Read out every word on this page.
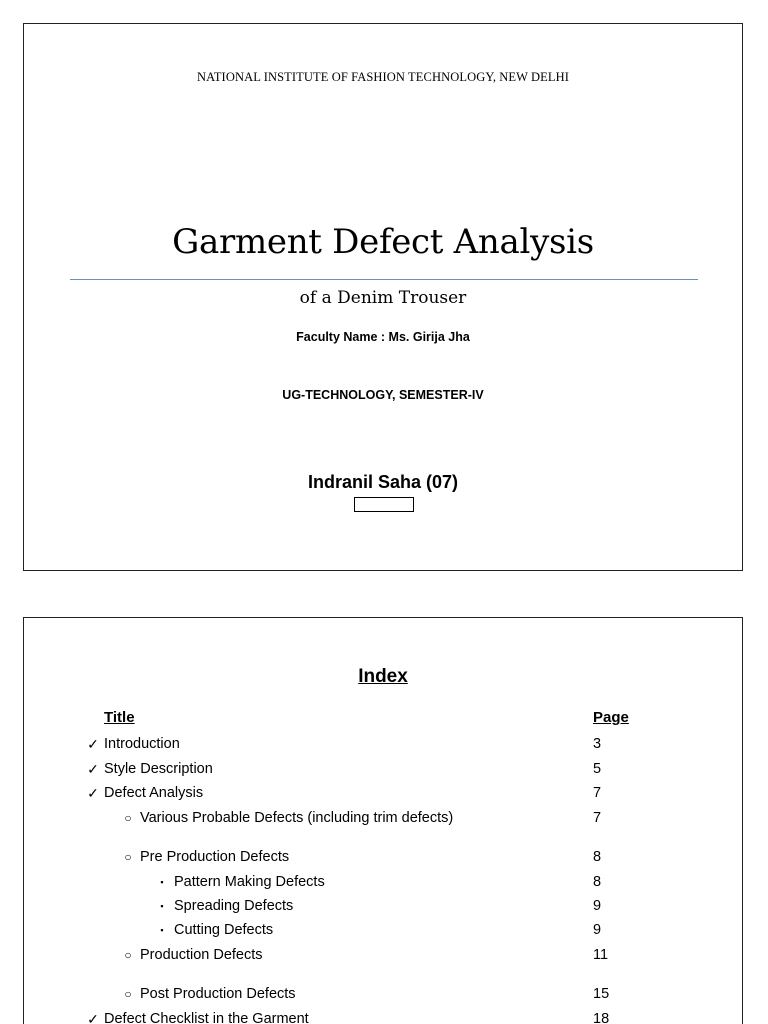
NATIONAL INSTITUTE OF FASHION TECHNOLOGY, NEW DELHI
Garment Defect Analysis
of a Denim Trouser
Faculty Name : Ms. Girija Jha
UG-TECHNOLOGY, SEMESTER-IV
Indranil Saha (07)
Index
Title	Page
✓ Introduction	3
✓ Style Description	5
✓ Defect Analysis	7
○ Various Probable Defects (including trim defects)	7
○ Pre Production Defects	8
▪ Pattern Making Defects	8
▪ Spreading Defects	9
▪ Cutting Defects	9
○ Production Defects	11
○ Post Production Defects	15
✓ Defect Checklist in the Garment	18
